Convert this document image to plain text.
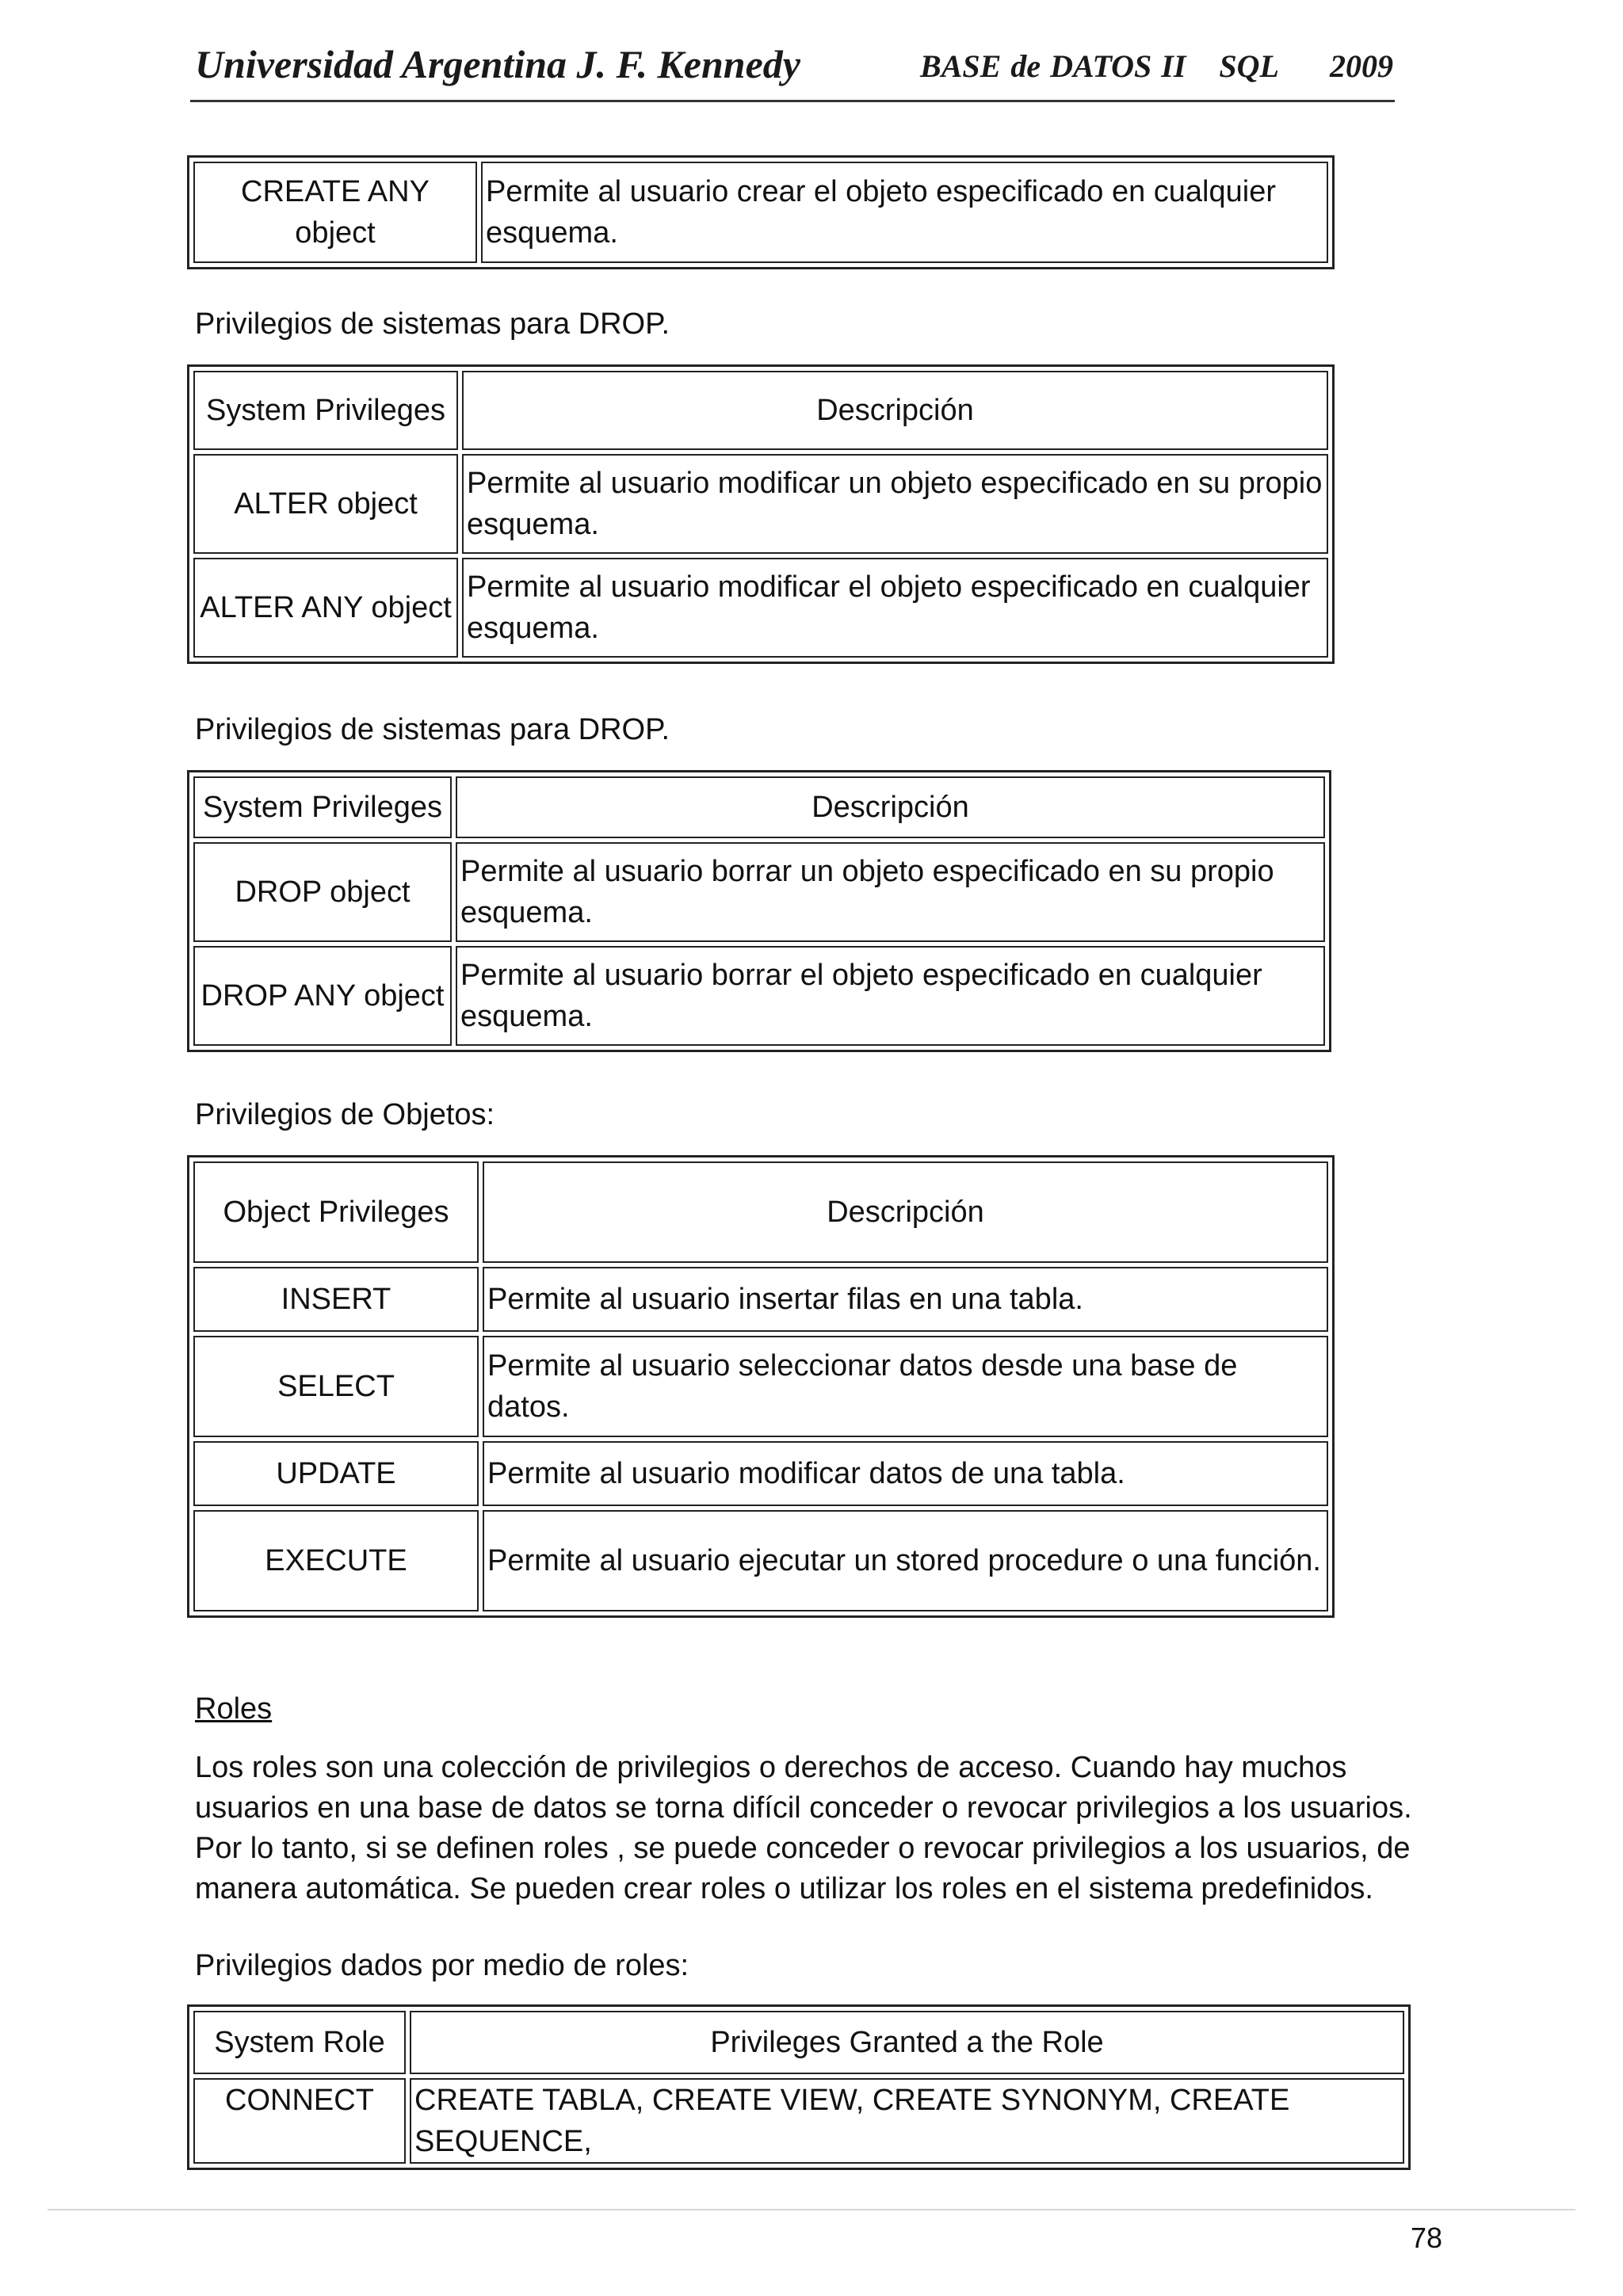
Universidad Argentina J. F. Kennedy	BASE de DATOS II SQL 2009
CREATE ANY object	Permite al usuario crear el objeto especificado en cualquier esquema.
Privilegios de sistemas para DROP.
System Privileges	Descripción
ALTER object	Permite al usuario modificar un objeto especificado en su propio esquema.
ALTER ANY object	Permite al usuario modificar el objeto especificado en cualquier esquema.
Privilegios de sistemas para DROP.
System Privileges	Descripción
DROP object	Permite al usuario borrar un objeto especificado en su propio esquema.
DROP ANY object	Permite al usuario borrar el objeto especificado en cualquier esquema.
Privilegios de Objetos:
Object Privileges	Descripción
INSERT	Permite al usuario insertar filas en una tabla.
SELECT	Permite al usuario seleccionar datos desde una base de datos.
UPDATE	Permite al usuario modificar datos de una tabla.
EXECUTE	Permite al usuario ejecutar un stored procedure o una función.
Roles
Los roles son una colección de privilegios o derechos de acceso. Cuando hay muchos usuarios en una base de datos se torna difícil conceder o revocar privilegios a los usuarios. Por lo tanto, si se definen roles , se puede conceder o revocar privilegios a los usuarios, de manera automática. Se pueden crear roles o utilizar los roles en el sistema predefinidos.
Privilegios dados por medio de roles:
System Role	Privileges Granted a the Role
CONNECT	CREATE TABLA, CREATE VIEW, CREATE SYNONYM, CREATE SEQUENCE,
78
